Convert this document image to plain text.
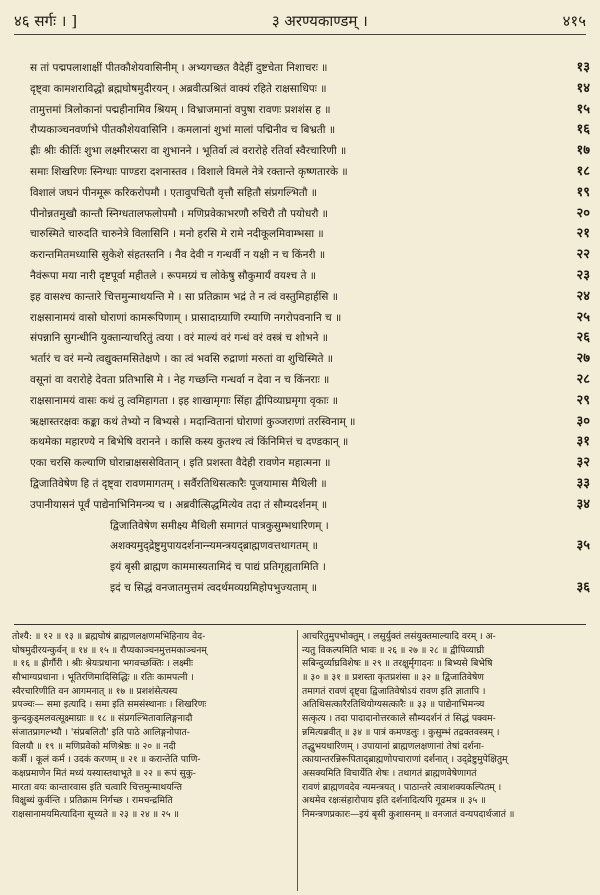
४६ सर्गः । ]	३ अरण्यकाण्डम् ।	४१५
स तां पद्मपलाशाक्षीं पीतकौशेयवासिनीम् । अभ्यगच्छत वैदेहीं दुष्टचेता निशाचरः ॥	१३
दृष्ट्वा कामशराविद्धो ब्रह्मघोषमुदीरयन् । अब्रवीत्प्रश्रितं वाक्यं रहिते राक्षसाधिपः ॥	१४
तामुत्तमां त्रिलोकानां पद्महीनामिव श्रियम् । विभ्राजमानां वपुषा रावणः प्रशशंस ह ॥	१५
रौप्यकाञ्चनवर्णाभे पीतकौशेयवासिनि । कमलानां शुभां मालां पद्मिनीव च बिभ्रती ॥	१६
ह्रीः श्रीः कीर्तिः शुभा लक्ष्मीरप्सरा वा शुभानने । भूतिर्वा त्वं वरारोहे रतिर्वा स्वैरचारिणी ॥	१७
समाः शिखरिणः स्निग्धाः पाण्डरा दशनास्तव । विशाले विमले नेत्रे रक्तान्ते कृष्णतारके ॥	१८
विशालं जघनं पीनमूरू करिकरोपमौ । एतावुपचितौ वृत्तौ सहितौ संप्रगल्भितौ ॥	१९
पीनोन्नतमुखौ कान्तौ स्निग्धतालफलोपमौ । मणिप्रवेकाभरणौ रुचिरौ तौ पयोधरौ ॥	२०
चारुस्मिते चारुदति चारुनेत्रे विलासिनि । मनो हरसि मे रामे नदीकूलमिवाम्भसा ॥	२१
करान्तमितमध्यासि सुकेशे संहतस्तनि । नैव देवी न गन्धर्वी न यक्षी न च किंनरी ॥	२२
नैवंरूपा मया नारी दृष्टपूर्वा महीतले । रूपमग्र्यं च लोकेषु सौकुमार्यं वयश्च ते ॥	२३
इह वासश्च कान्तारे चित्तमुन्माथयन्ति मे । सा प्रतिक्राम भद्रं ते न त्वं वस्तुमिहार्हसि ॥	२४
राक्षसानामयं वासो घोराणां कामरूपिणाम् । प्रासादाग्र्याणि रम्याणि नगरोपवनानि च ॥	२५
संपन्नानि सुगन्धीनि युक्तान्याचरितुं त्वया । वरं माल्यं वरं गन्धं वरं वस्त्रं च शोभने ॥	२६
भर्तारं च वरं मन्ये त्वद्युक्तमसितेक्षणे । का त्वं भवसि रुद्राणां मरुतां वा शुचिस्मिते ॥	२७
वसूनां वा वरारोहे देवता प्रतिभासि मे । नेह गच्छन्ति गन्धर्वा न देवा न च किंनराः ॥	२८
राक्षसानामयं वासः कथं तु त्वमिहागता । इह शाखामृगाः सिंहा द्वीपिव्याघ्रमृगा वृकाः ॥	२९
ऋक्षास्तरक्षवः कङ्का कथं तेभ्यो न बिभ्यसे । मदान्वितानां घोराणां कुञ्जराणां तरस्विनाम् ॥	३०
कथमेका महारण्ये न बिभेषि वरानने । कासि कस्य कुतश्च त्वं किंनिमित्तं च दण्डकान् ॥	३१
एका चरसि कल्याणि घोरान्राक्षससेवितान् । इति प्रशस्ता वैदेही रावणेन महात्मना ॥	३२
द्विजातिवेषेण हि तं दृष्ट्वा रावणमागतम् । सर्वैरतिथिसत्कारैः पूजयामास मैथिली ॥	३३
उपानीयासनं पूर्वं पाद्येनाभिनिमन्त्र्य च । अब्रवीत्सिद्धमित्येव तदा तं सौम्यदर्शनम् ॥	३४
द्विजातिवेषेण समीक्ष्य मैथिली समागतं पात्रकुसुम्भधारिणम् ।
अशक्यमुद्द्रेष्टुमुपायदर्शनान्न्यमन्त्रयद्ब्राह्मणवत्तथागतम् ॥	३५
इयं बृसी ब्राह्मण काममास्यतामिदं च पाद्यं प्रतिगृह्यतामिति ।
इदं च सिद्धं वनजातमुत्तमं त्वदर्थमव्यग्रमिहोपभुज्यताम् ॥	३६
तोश्यै: ॥ १२ ॥ १३ ॥ ब्रह्मघोषं ब्राह्मणलक्षणमभिहिनाय वेद-
घोषमुदीरयन्कुर्वन् ॥ १४ ॥ १५ ॥ रौप्यकाञ्चनमुत्तमकाञ्चनम्
॥ १६ ॥ ह्रीर्गौरी । श्रीः श्रेयःप्रधाना भगवच्छक्तिः । लक्ष्मीः
सौभाग्यप्रधाना । भूतिरणिमादिसिद्धिः ॥ रतिः कामपत्नी ।
स्वैरचारिणीति वन आगमनात् ॥ १७ ॥ प्रशशंसेत्यस्य
प्रपञ्चः— समा इत्यादि । समा इति समसंस्थानाः । शिखरिणः
कुन्दकुड्मलवत्सूक्ष्माग्राः ॥ १८ ॥ संप्रगल्भितावालिङ्गनादौ
संजातप्रागल्भ्यौ । 'संप्रबलितौ' इति पाठे आलिङ्गनोपात-
विलयौ ॥ १९ ॥ मणिप्रवेको मणिश्रेष्ठः ॥ २० ॥ नदी
कर्त्री । कूलं कर्म । उदकं करणम् ॥ २१ ॥ करान्तेति पाणि-
कक्षप्रमाणेन मितं मध्यं यस्यास्तथाभूते ॥ २२ ॥ रूपं सुकु-
मारता वयः कान्तारवास इति चत्वारि चित्तमुन्माथयन्ति
विक्षुब्धं कुर्वन्ति । प्रतिक्राम निर्गच्छ । रामचन्द्रमिति
राक्षसानामयमित्यादिना सूच्यते ॥ २३ ॥ २४ ॥ २५ ॥
आचरितुमुपभोक्तुम् । लसुर्युक्तं लसंयुक्तमाल्यादि वरम् । अ-
न्यतु विकल्पमिति भावः ॥ २६ ॥ २७ ॥ २८ ॥ द्वीपिव्याघ्री
सबिन्दुर्व्याघ्रविशेषः ॥ २९ ॥ तरक्षुर्मृगादनः ॥ बिभ्यसे बिभेषि
॥ ३० ॥ ३१ ॥ प्रशस्ता कृतप्रशंसा ॥ ३२ ॥ द्विजातिवेषेण
तमागतं रावणं दृष्ट्वा द्विजातिवेषोऽयं रावण इति ज्ञातापि ।
अतिथिसत्कारैरतिथियोग्यसत्कारैः ॥ ३३ ॥ पाद्येनाभिमन्त्र्य
सत्कृत्य । तदा पादादानोत्तरकाले सौम्यदर्शनं तं सिद्धं पक्वम-
न्नमित्यब्रवीत् ॥ ३४ ॥ पात्रं कमण्डलुः । कुसुम्भं तद्रक्तवस्त्रम् ।
तद्धुभयधारिणम् । उपायानां ब्राह्मणलक्षणानां तेषां दर्शना-
त्कायान्तरन्निरूपिताद्ब्राह्मणोपचाराणां दर्शनात् । उद्द्रेष्टुमुपेक्षितुम्
असक्यमिति विचार्येति शेषः । तथागतं ब्राह्मणवेषेणागतं
रावणं ब्राह्मणवदेव न्यमन्त्रयत् । पाठान्तरे त्वत्राशक्यकल्पितम् ।
अथमेव रक्षःसंहारोपाय इति दर्शनादित्यपि गूढमत्र ॥ ३५ ॥
निमन्त्रणप्रकारः—इयं बृसी कुशासनम् ॥ वनजातं वन्यपदार्थजातं ॥
